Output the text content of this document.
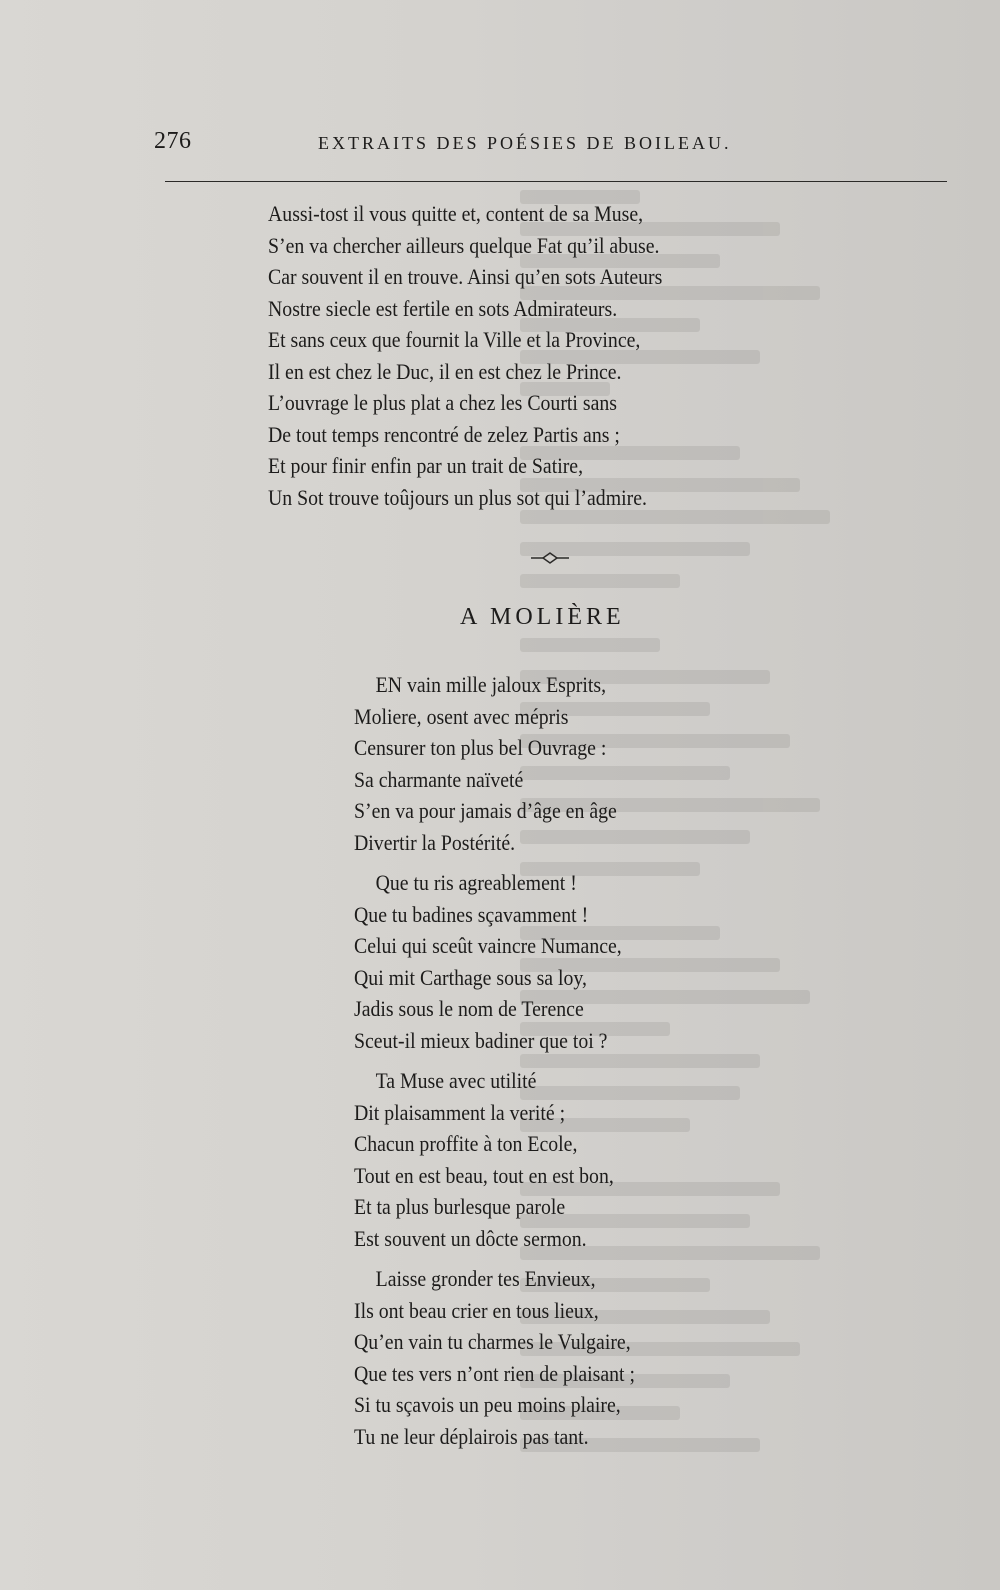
276	EXTRAITS DES POÉSIES DE BOILEAU.
Aussi-tost il vous quitte et, content de sa Muse,
S’en va chercher ailleurs quelque Fat qu’il abuse.
Car souvent il en trouve. Ainsi qu’en sots Auteurs
Nostre siecle est fertile en sots Admirateurs.
Et sans ceux que fournit la Ville et la Province,
Il en est chez le Duc, il en est chez le Prince.
L’ouvrage le plus plat a chez les Courti sans
De tout temps rencontré de zelez Partis ans ;
Et pour finir enfin par un trait de Satire,
Un Sot trouve toûjours un plus sot qui l’admire.
A MOLIÈRE
EN vain mille jaloux Esprits,
Moliere, osent avec mépris
Censurer ton plus bel Ouvrage :
Sa charmante naïveté
S’en va pour jamais d’âge en âge
Divertir la Postérité.
Que tu ris agreablement !
Que tu badines sçavamment !
Celui qui sceût vaincre Numance,
Qui mit Carthage sous sa loy,
Jadis sous le nom de Terence
Sceut-il mieux badiner que toi ?
Ta Muse avec utilité
Dit plaisamment la verité ;
Chacun proffite à ton Ecole,
Tout en est beau, tout en est bon,
Et ta plus burlesque parole
Est souvent un dôcte sermon.
Laisse gronder tes Envieux,
Ils ont beau crier en tous lieux,
Qu’en vain tu charmes le Vulgaire,
Que tes vers n’ont rien de plaisant ;
Si tu sçavois un peu moins plaire,
Tu ne leur déplairois pas tant.
